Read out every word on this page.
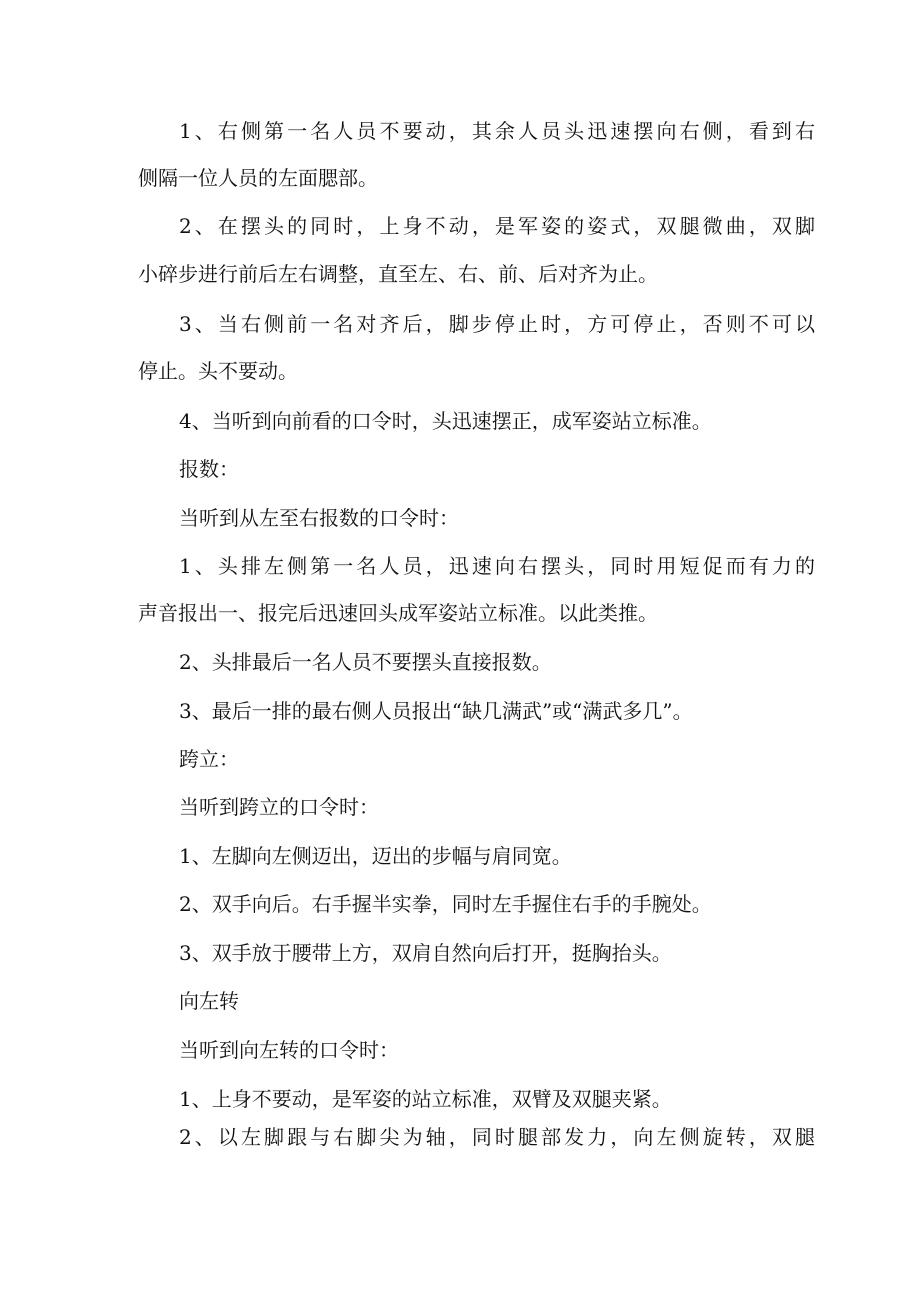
1、右侧第一名人员不要动，其余人员头迅速摆向右侧，看到右

侧隔一位人员的左面腮部。

2、在摆头的同时，上身不动，是军姿的姿式，双腿微曲，双脚

小碎步进行前后左右调整，直至左、右、前、后对齐为止。

3、当右侧前一名对齐后，脚步停止时，方可停止，否则不可以

停止。头不要动。

4、当听到向前看的口令时，头迅速摆正，成军姿站立标准。

报数：

当听到从左至右报数的口令时：

1、头排左侧第一名人员，迅速向右摆头，同时用短促而有力的

声音报出一、报完后迅速回头成军姿站立标准。以此类推。

2、头排最后一名人员不要摆头直接报数。

3、最后一排的最右侧人员报出“缺几满武”或“满武多几”。

跨立：

当听到跨立的口令时：

1、左脚向左侧迈出，迈出的步幅与肩同宽。

2、双手向后。右手握半实拳，同时左手握住右手的手腕处。

3、双手放于腰带上方，双肩自然向后打开，挺胸抬头。

向左转

当听到向左转的口令时：

1、上身不要动，是军姿的站立标准，双臂及双腿夹紧。

2、以左脚跟与右脚尖为轴，同时腿部发力，向左侧旋转，双腿
